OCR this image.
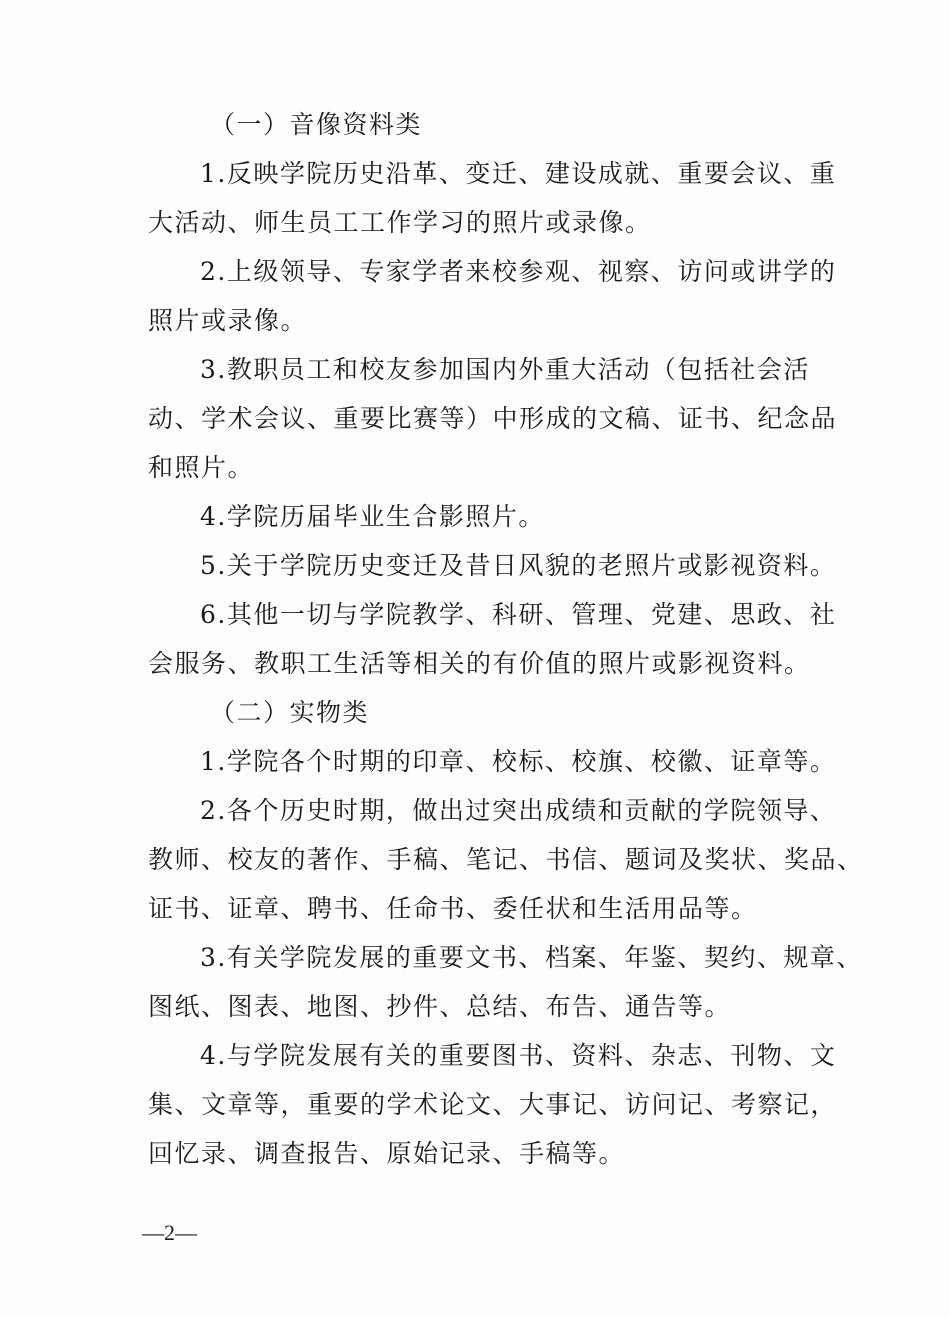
（一）音像资料类
1.反映学院历史沿革、变迁、建设成就、重要会议、重
大活动、师生员工工作学习的照片或录像。
2.上级领导、专家学者来校参观、视察、访问或讲学的
照片或录像。
3.教职员工和校友参加国内外重大活动（包括社会活
动、学术会议、重要比赛等）中形成的文稿、证书、纪念品
和照片。
4.学院历届毕业生合影照片。
5.关于学院历史变迁及昔日风貌的老照片或影视资料。
6.其他一切与学院教学、科研、管理、党建、思政、社
会服务、教职工生活等相关的有价值的照片或影视资料。
（二）实物类
1.学院各个时期的印章、校标、校旗、校徽、证章等。
2.各个历史时期，做出过突出成绩和贡献的学院领导、
教师、校友的著作、手稿、笔记、书信、题词及奖状、奖品、
证书、证章、聘书、任命书、委任状和生活用品等。
3.有关学院发展的重要文书、档案、年鉴、契约、规章、
图纸、图表、地图、抄件、总结、布告、通告等。
4.与学院发展有关的重要图书、资料、杂志、刊物、文
集、文章等，重要的学术论文、大事记、访问记、考察记，
回忆录、调查报告、原始记录、手稿等。
—2—
